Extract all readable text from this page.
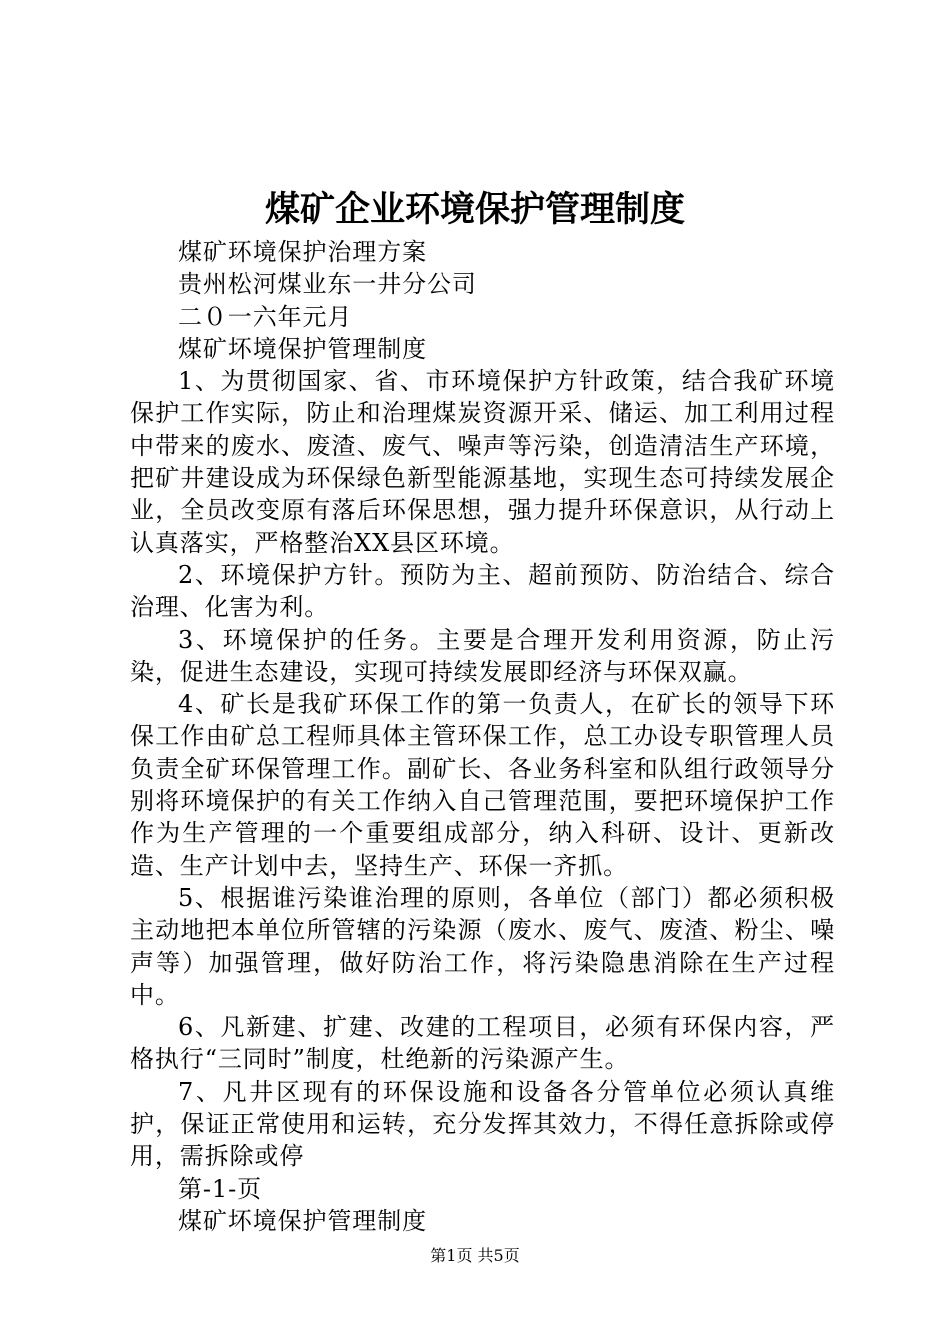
煤矿企业环境保护管理制度

煤矿环境保护治理方案

贵州松河煤业东一井分公司

二０一六年元月

煤矿坏境保护管理制度

1、为贯彻国家、省、市环境保护方针政策，结合我矿环境保护工作实际，防止和治理煤炭资源开采、储运、加工利用过程中带来的废水、废渣、废气、噪声等污染，创造清洁生产环境，把矿井建设成为环保绿色新型能源基地，实现生态可持续发展企业，全员改变原有落后环保思想，强力提升环保意识，从行动上认真落实，严格整治XX县区环境。

2、环境保护方针。预防为主、超前预防、防治结合、综合治理、化害为利。

3、环境保护的任务。主要是合理开发利用资源，防止污染，促进生态建设，实现可持续发展即经济与环保双赢。

4、矿长是我矿环保工作的第一负责人，在矿长的领导下环保工作由矿总工程师具体主管环保工作，总工办设专职管理人员负责全矿环保管理工作。副矿长、各业务科室和队组行政领导分别将环境保护的有关工作纳入自己管理范围，要把环境保护工作作为生产管理的一个重要组成部分，纳入科研、设计、更新改造、生产计划中去，坚持生产、环保一齐抓。

5、根据谁污染谁治理的原则，各单位（部门）都必须积极主动地把本单位所管辖的污染源（废水、废气、废渣、粉尘、噪声等）加强管理，做好防治工作，将污染隐患消除在生产过程中。

6、凡新建、扩建、改建的工程项目，必须有环保内容，严格执行“三同时”制度，杜绝新的污染源产生。

7、凡井区现有的环保设施和设备各分管单位必须认真维护，保证正常使用和运转，充分发挥其效力，不得任意拆除或停用，需拆除或停

第-1-页

煤矿坏境保护管理制度

第1页 共5页
